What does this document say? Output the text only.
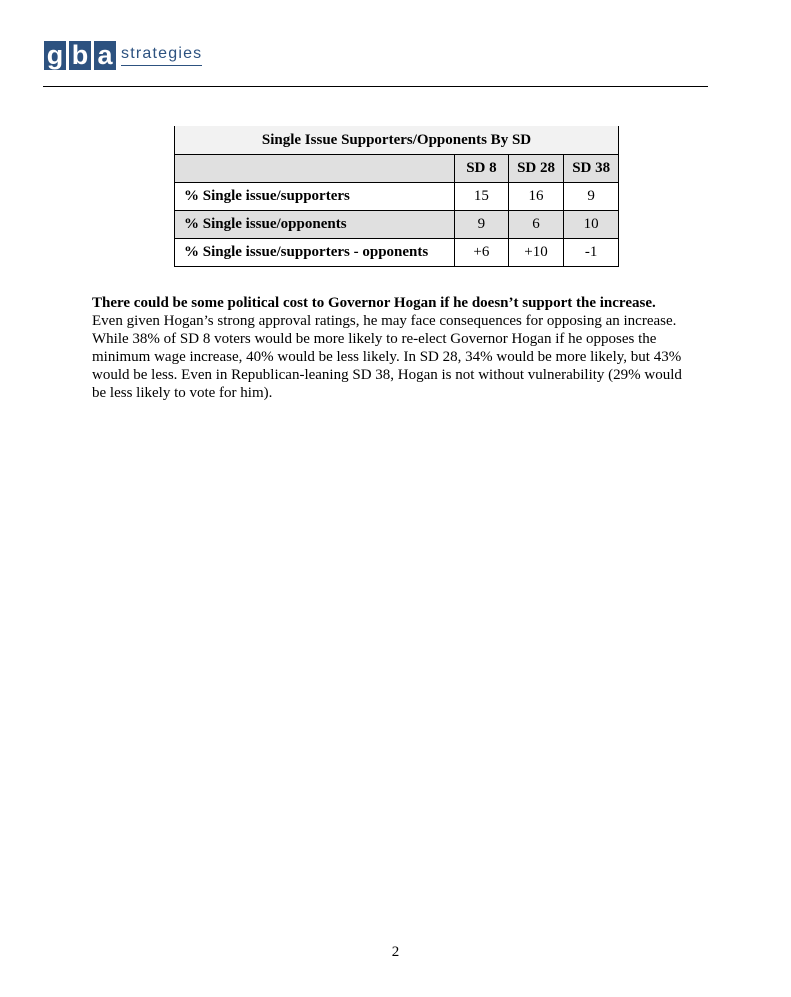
g b a strategies
Single Issue Supporters/Opponents By SD			
	SD 8	SD 28	SD 38
% Single issue/supporters	15	16	9
% Single issue/opponents	9	6	10
% Single issue/supporters - opponents	+6	+10	-1
There could be some political cost to Governor Hogan if he doesn’t support the increase.
Even given Hogan’s strong approval ratings, he may face consequences for opposing an increase. While 38% of SD 8 voters would be more likely to re-elect Governor Hogan if he opposes the minimum wage increase, 40% would be less likely. In SD 28, 34% would be more likely, but 43% would be less. Even in Republican-leaning SD 38, Hogan is not without vulnerability (29% would be less likely to vote for him).
2
